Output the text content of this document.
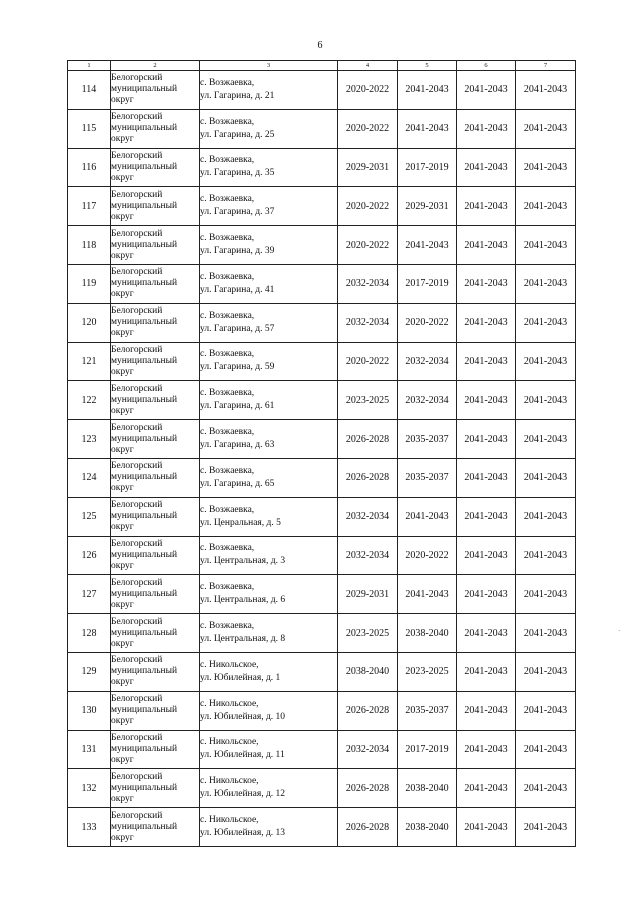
6
1	2	3	4	5	6	7
114	Белогорский
муниципальный
округ	с. Возжаевка,
ул. Гагарина, д. 21	2020-2022	2041-2043	2041-2043	2041-2043
115	Белогорский
муниципальный
округ	с. Возжаевка,
ул. Гагарина, д. 25	2020-2022	2041-2043	2041-2043	2041-2043
116	Белогорский
муниципальный
округ	с. Возжаевка,
ул. Гагарина, д. 35	2029-2031	2017-2019	2041-2043	2041-2043
117	Белогорский
муниципальный
округ	с. Возжаевка,
ул. Гагарина, д. 37	2020-2022	2029-2031	2041-2043	2041-2043
118	Белогорский
муниципальный
округ	с. Возжаевка,
ул. Гагарина, д. 39	2020-2022	2041-2043	2041-2043	2041-2043
119	Белогорский
муниципальный
округ	с. Возжаевка,
ул. Гагарина, д. 41	2032-2034	2017-2019	2041-2043	2041-2043
120	Белогорский
муниципальный
округ	с. Возжаевка,
ул. Гагарина, д. 57	2032-2034	2020-2022	2041-2043	2041-2043
121	Белогорский
муниципальный
округ	с. Возжаевка,
ул. Гагарина, д. 59	2020-2022	2032-2034	2041-2043	2041-2043
122	Белогорский
муниципальный
округ	с. Возжаевка,
ул. Гагарина, д. 61	2023-2025	2032-2034	2041-2043	2041-2043
123	Белогорский
муниципальный
округ	с. Возжаевка,
ул. Гагарина, д. 63	2026-2028	2035-2037	2041-2043	2041-2043
124	Белогорский
муниципальный
округ	с. Возжаевка,
ул. Гагарина, д. 65	2026-2028	2035-2037	2041-2043	2041-2043
125	Белогорский
муниципальный
округ	с. Возжаевка,
ул. Ценральная, д. 5	2032-2034	2041-2043	2041-2043	2041-2043
126	Белогорский
муниципальный
округ	с. Возжаевка,
ул. Центральная, д. 3	2032-2034	2020-2022	2041-2043	2041-2043
127	Белогорский
муниципальный
округ	с. Возжаевка,
ул. Центральная, д. 6	2029-2031	2041-2043	2041-2043	2041-2043
128	Белогорский
муниципальный
округ	с. Возжаевка,
ул. Центральная, д. 8	2023-2025	2038-2040	2041-2043	2041-2043
129	Белогорский
муниципальный
округ	с. Никольское,
ул. Юбилейная, д. 1	2038-2040	2023-2025	2041-2043	2041-2043
130	Белогорский
муниципальный
округ	с. Никольское,
ул. Юбилейная, д. 10	2026-2028	2035-2037	2041-2043	2041-2043
131	Белогорский
муниципальный
округ	с. Никольское,
ул. Юбилейная, д. 11	2032-2034	2017-2019	2041-2043	2041-2043
132	Белогорский
муниципальный
округ	с. Никольское,
ул. Юбилейная, д. 12	2026-2028	2038-2040	2041-2043	2041-2043
133	Белогорский
муниципальный
округ	с. Никольское,
ул. Юбилейная, д. 13	2026-2028	2038-2040	2041-2043	2041-2043
·
